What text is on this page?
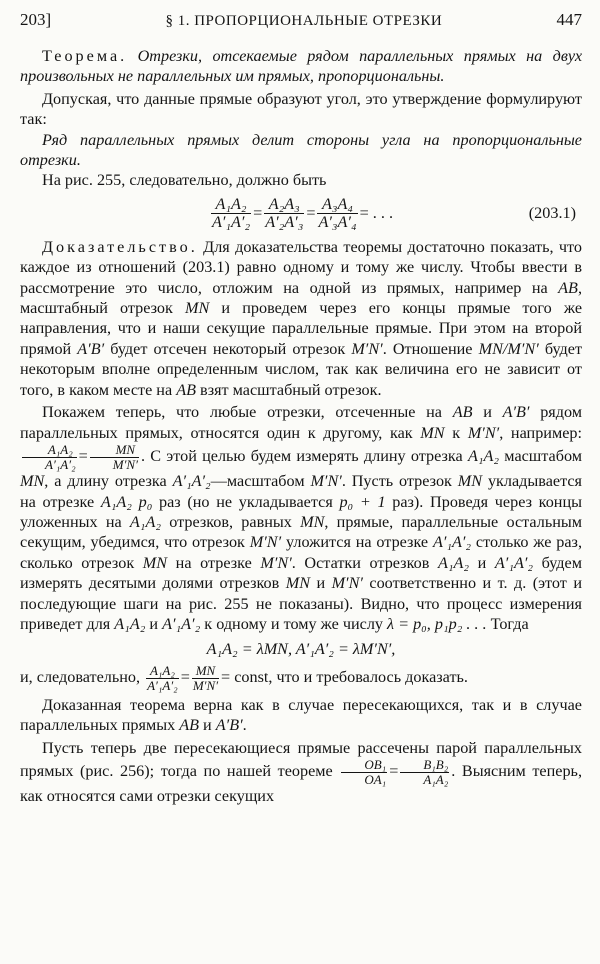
203]	§ 1. ПРОПОРЦИОНАЛЬНЫЕ ОТРЕЗКИ	447

Теорема. Отрезки, отсекаемые рядом параллельных прямых на двух произвольных не параллельных им прямых, пропорциональны.

Допуская, что данные прямые образуют угол, это утверждение формулируют так:

Ряд параллельных прямых делит стороны угла на пропорциональные отрезки.

На рис. 255, следовательно, должно быть

$\frac{\text{A₁A₂}}{\text{A′₁A′₂}} = \frac{\text{A₂A₃}}{\text{A′₂A′₃}} = \frac{\text{A₃A₄}}{\text{A′₃A′₄}}$ = . . .	(203.1)

Доказательство. Для доказательства теоремы достаточно показать, что каждое из отношений (203.1) равно одному и тому же числу. Чтобы ввести в рассмотрение это число, отложим на одной из прямых, например на AB, масштабный отрезок MN и проведем через его концы прямые того же направления, что и наши секущие параллельные прямые. При этом на второй прямой A′B′ будет отсечен некоторый отрезок M′N′. Отношение MN/M′N′ будет некоторым вполне определенным числом, так как величина его не зависит от того, в каком месте на AB взят масштабный отрезок.

Покажем теперь, что любые отрезки, отсеченные на AB и A′B′ рядом параллельных прямых, относятся один к другому, как MN к M′N′, например:
$\frac{\text{A₁A₂}}{\text{A′₁A′₂}} = \frac{MN}{M'N'}$ . С этой целью будем измерять длину отрезка A₁A₂ масштабом MN, а длину отрезка A′₁A′₂—масштабом M′N′. Пусть отрезок MN укладывается на отрезке A₁A₂ p₀ раз (но не укладывается p₀ + 1 раз). Проведя через концы уложенных на A₁A₂ отрезков, равных MN, прямые, параллельные остальным секущим, убедимся, что отрезок M′N′ уложится на отрезке A′₁A′₂ столько же раз, сколько отрезок MN на отрезке M′N′. Остатки отрезков A₁A₂ и A′₁A′₂ будем измерять десятыми долями отрезков MN и M′N′ соответственно и т. д. (этот и последующие шаги на рис. 255 не показаны). Видно, что процесс измерения приведет для A₁A₂ и A′₁A′₂ к одному и тому же числу λ = p₀, p₁p₂ . . . Тогда

A₁A₂ = λMN, A′₁A′₂ = λM′N′,

и, следовательно, $\frac{\text{A₁A₂}}{\text{A′₁A′₂}} = \frac{MN}{M'N'}$ = const, что и требовалось доказать.

Доказанная теорема верна как в случае пересекающихся, так и в случае параллельных прямых AB и A′B′.

Пусть теперь две пересекающиеся прямые рассечены парой параллельных прямых (рис. 256); тогда по нашей теореме $\frac{\text{OB₁}}{\text{OA₁}} = \frac{\text{B₁B₂}}{\text{A₁A₂}}$ . Выясним теперь, как относятся сами отрезки секущих
